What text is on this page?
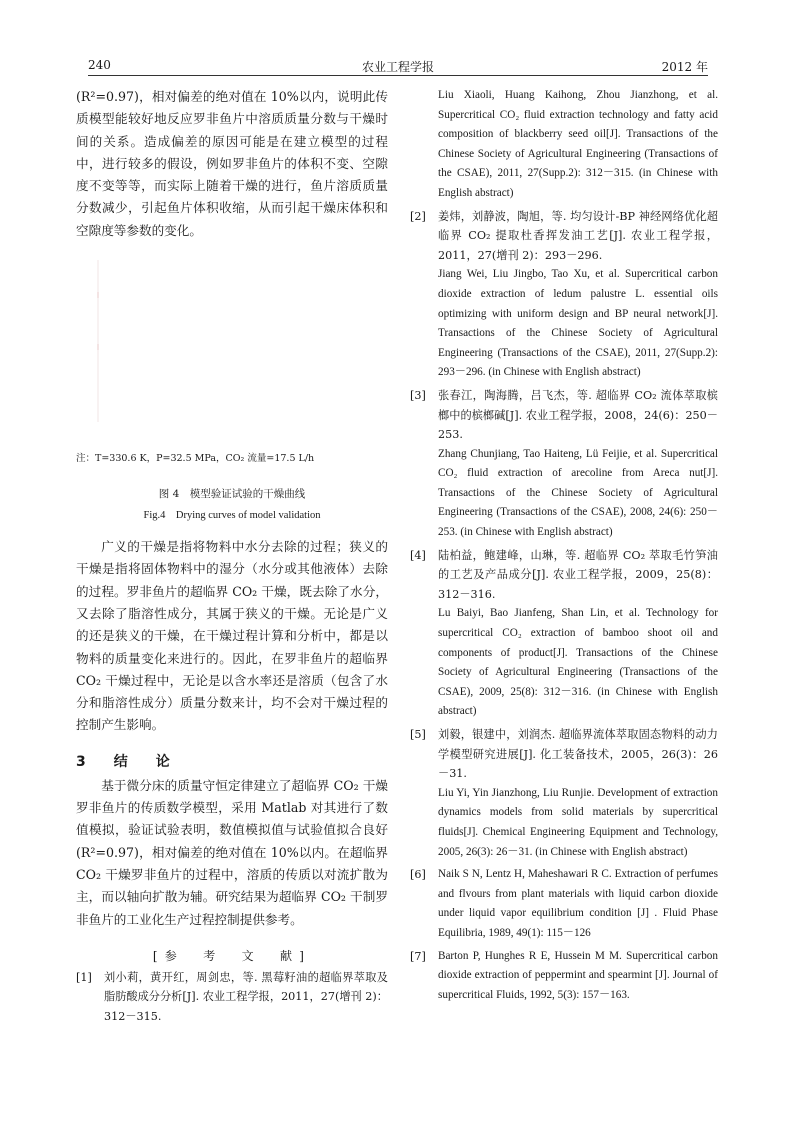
240	农业工程学报	2012 年

(R²=0.97)，相对偏差的绝对值在 10%以内，说明此传质模型能较好地反应罗非鱼片中溶质质量分数与干燥时间的关系。造成偏差的原因可能是在建立模型的过程中，进行较多的假设，例如罗非鱼片的体积不变、空隙度不变等等，而实际上随着干燥的进行，鱼片溶质质量分数减少，引起鱼片体积收缩，从而引起干燥床体积和空隙度等参数的变化。

注：T=330.6 K，P=32.5 MPa，CO₂ 流量=17.5 L/h
图 4　模型验证试验的干燥曲线
Fig.4　Drying curves of model validation

广义的干燥是指将物料中水分去除的过程；狭义的干燥是指将固体物料中的湿分（水分或其他液体）去除的过程。罗非鱼片的超临界 CO₂ 干燥，既去除了水分，又去除了脂溶性成分，其属于狭义的干燥。无论是广义的还是狭义的干燥，在干燥过程计算和分析中，都是以物料的质量变化来进行的。因此，在罗非鱼片的超临界 CO₂ 干燥过程中，无论是以含水率还是溶质（包含了水分和脂溶性成分）质量分数来计，均不会对干燥过程的控制产生影响。

3　结　论

基于微分床的质量守恒定律建立了超临界 CO₂ 干燥罗非鱼片的传质数学模型，采用 Matlab 对其进行了数值模拟，验证试验表明，数值模拟值与试验值拟合良好(R²=0.97)，相对偏差的绝对值在 10%以内。在超临界 CO₂ 干燥罗非鱼片的过程中，溶质的传质以对流扩散为主，而以轴向扩散为辅。研究结果为超临界 CO₂ 干制罗非鱼片的工业化生产过程控制提供参考。

[参　考　文　献]
[1] 刘小莉，黄开红，周剑忠，等. 黑莓籽油的超临界萃取及脂肪酸成分分析[J]. 农业工程学报，2011，27(增刊 2)：312－315.
Liu Xiaoli, Huang Kaihong, Zhou Jianzhong, et al. Supercritical CO₂ fluid extraction technology and fatty acid composition of blackberry seed oil[J]. Transactions of the Chinese Society of Agricultural Engineering (Transactions of the CSAE), 2011, 27(Supp.2): 312－315. (in Chinese with English abstract)
[2] 姜炜，刘静波，陶旭，等. 均匀设计-BP 神经网络优化超临界 CO₂ 提取杜香挥发油工艺[J]. 农业工程学报，2011，27(增刊 2)：293－296.
Jiang Wei, Liu Jingbo, Tao Xu, et al. Supercritical carbon dioxide extraction of ledum palustre L. essential oils optimizing with uniform design and BP neural network[J]. Transactions of the Chinese Society of Agricultural Engineering (Transactions of the CSAE), 2011, 27(Supp.2): 293－296. (in Chinese with English abstract)
[3] 张春江，陶海腾，吕飞杰，等. 超临界 CO₂ 流体萃取槟榔中的槟榔碱[J]. 农业工程学报，2008，24(6)：250－253.
Zhang Chunjiang, Tao Haiteng, Lü Feijie, et al. Supercritical CO₂ fluid extraction of arecoline from Areca nut[J]. Transactions of the Chinese Society of Agricultural Engineering (Transactions of the CSAE), 2008, 24(6): 250－253. (in Chinese with English abstract)
[4] 陆柏益，鲍建峰，山琳，等. 超临界 CO₂ 萃取毛竹笋油的工艺及产品成分[J]. 农业工程学报，2009，25(8)：312－316.
Lu Baiyi, Bao Jianfeng, Shan Lin, et al. Technology for supercritical CO₂ extraction of bamboo shoot oil and components of product[J]. Transactions of the Chinese Society of Agricultural Engineering (Transactions of the CSAE), 2009, 25(8): 312－316. (in Chinese with English abstract)
[5] 刘毅，银建中，刘润杰. 超临界流体萃取固态物料的动力学模型研究进展[J]. 化工装备技术，2005，26(3)：26－31.
Liu Yi, Yin Jianzhong, Liu Runjie. Development of extraction dynamics models from solid materials by supercritical fluids[J]. Chemical Engineering Equipment and Technology, 2005, 26(3): 26－31. (in Chinese with English abstract)
[6] Naik S N, Lentz H, Maheshawari R C. Extraction of perfumes and flvours from plant materials with liquid carbon dioxide under liquid vapor equilibrium condition [J] . Fluid Phase Equilibria, 1989, 49(1): 115－126
[7] Barton P, Hunghes R E, Hussein M M. Supercritical carbon dioxide extraction of peppermint and spearmint [J]. Journal of supercritical Fluids, 1992, 5(3): 157－163.
